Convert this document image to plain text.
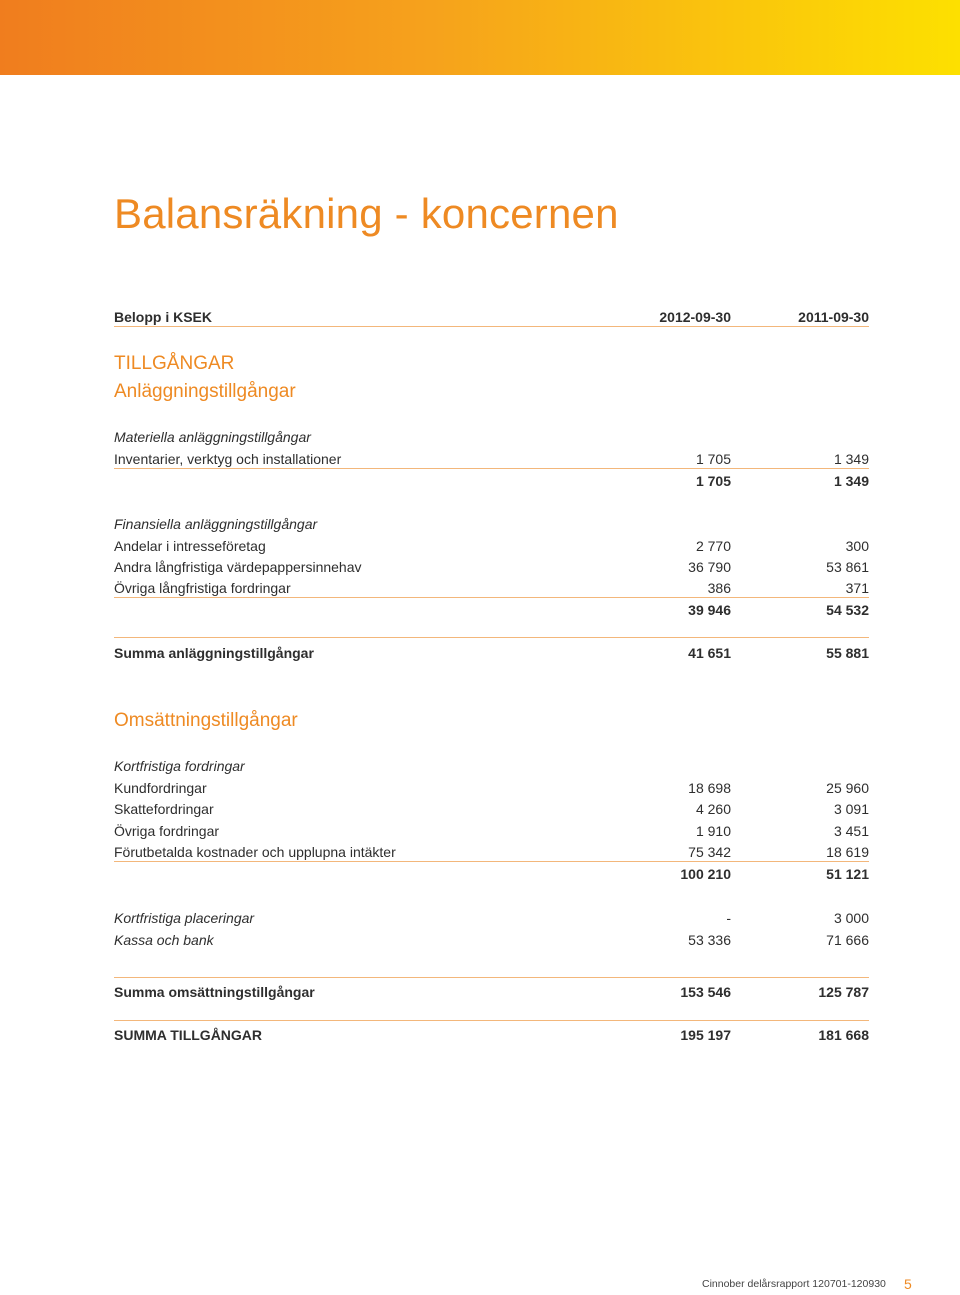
Balansräkning - koncernen
Belopp i KSEK	2012-09-30	2011-09-30
TILLGÅNGAR
Anläggningstillgångar
Materiella anläggningstillgångar
Inventarier, verktyg och installationer	1 705	1 349
1 705	1 349
Finansiella anläggningstillgångar
Andelar i intresseföretag	2 770	300
Andra långfristiga värdepappersinnehav	36 790	53 861
Övriga långfristiga fordringar	386	371
39 946	54 532
Summa anläggningstillgångar	41 651	55 881
Omsättningstillgångar
Kortfristiga fordringar
Kundfordringar	18 698	25 960
Skattefordringar	4 260	3 091
Övriga fordringar	1 910	3 451
Förutbetalda kostnader och upplupna intäkter	75 342	18 619
100 210	51 121
Kortfristiga placeringar	-	3 000
Kassa och bank	53 336	71 666
Summa omsättningstillgångar	153 546	125 787
SUMMA TILLGÅNGAR	195 197	181 668
Cinnober delårsrapport 120701-120930 5
